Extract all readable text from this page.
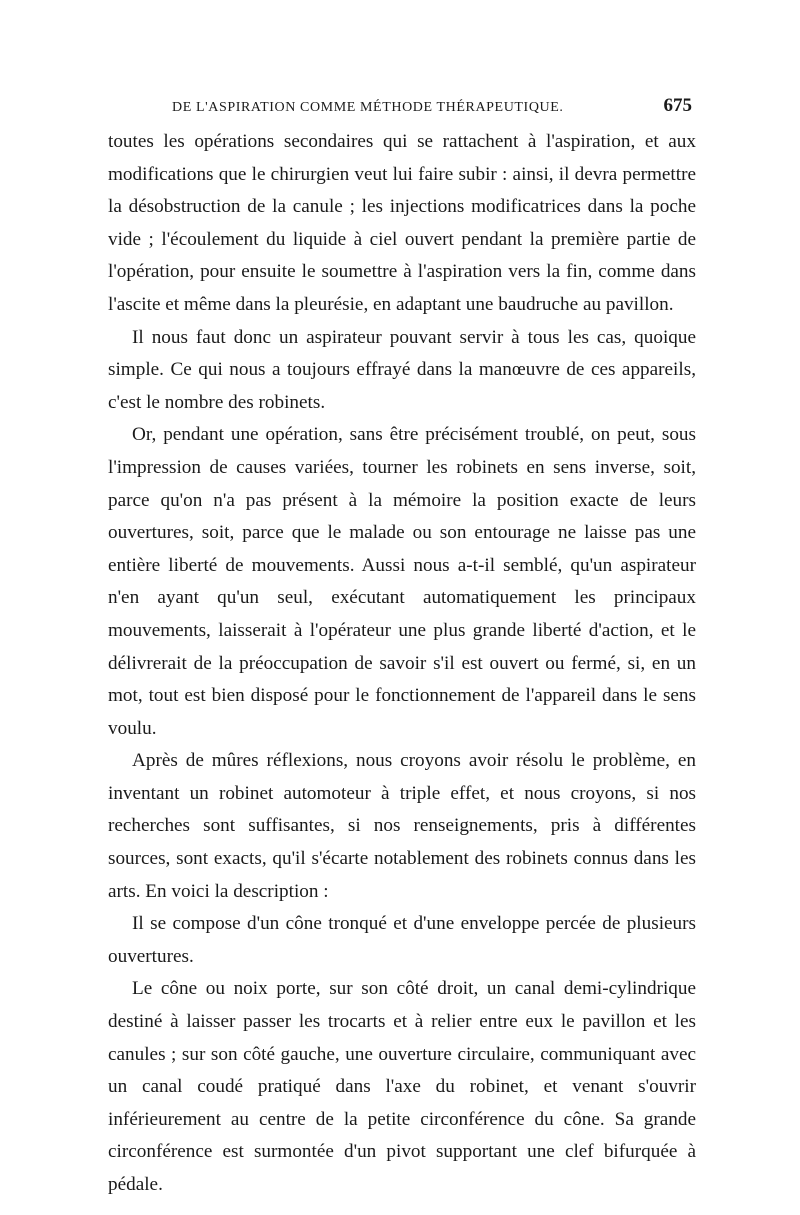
DE L'ASPIRATION COMME MÉTHODE THÉRAPEUTIQUE.	675

toutes les opérations secondaires qui se rattachent à l'aspiration, et aux modifications que le chirurgien veut lui faire subir : ainsi, il devra permettre la désobstruction de la canule ; les injections modificatrices dans la poche vide ; l'écoulement du liquide à ciel ouvert pendant la première partie de l'opération, pour ensuite le soumettre à l'aspiration vers la fin, comme dans l'ascite et même dans la pleurésie, en adaptant une baudruche au pavillon.

Il nous faut donc un aspirateur pouvant servir à tous les cas, quoique simple. Ce qui nous a toujours effrayé dans la manœuvre de ces appareils, c'est le nombre des robinets.

Or, pendant une opération, sans être précisément troublé, on peut, sous l'impression de causes variées, tourner les robinets en sens inverse, soit, parce qu'on n'a pas présent à la mémoire la position exacte de leurs ouvertures, soit, parce que le malade ou son entourage ne laisse pas une entière liberté de mouvements. Aussi nous a-t-il semblé, qu'un aspirateur n'en ayant qu'un seul, exécutant automatiquement les principaux mouvements, laisserait à l'opérateur une plus grande liberté d'action, et le délivrerait de la préoccupation de savoir s'il est ouvert ou fermé, si, en un mot, tout est bien disposé pour le fonctionnement de l'appareil dans le sens voulu.

Après de mûres réflexions, nous croyons avoir résolu le problème, en inventant un robinet automoteur à triple effet, et nous croyons, si nos recherches sont suffisantes, si nos renseignements, pris à différentes sources, sont exacts, qu'il s'écarte notablement des robinets connus dans les arts. En voici la description :

Il se compose d'un cône tronqué et d'une enveloppe percée de plusieurs ouvertures.

Le cône ou noix porte, sur son côté droit, un canal demi-cylindrique destiné à laisser passer les trocarts et à relier entre eux le pavillon et les canules ; sur son côté gauche, une ouverture circulaire, communiquant avec un canal coudé pratiqué dans l'axe du robinet, et venant s'ouvrir inférieurement au centre de la petite circonférence du cône. Sa grande circonférence est surmontée d'un pivot supportant une clef bifurquée à pédale.
